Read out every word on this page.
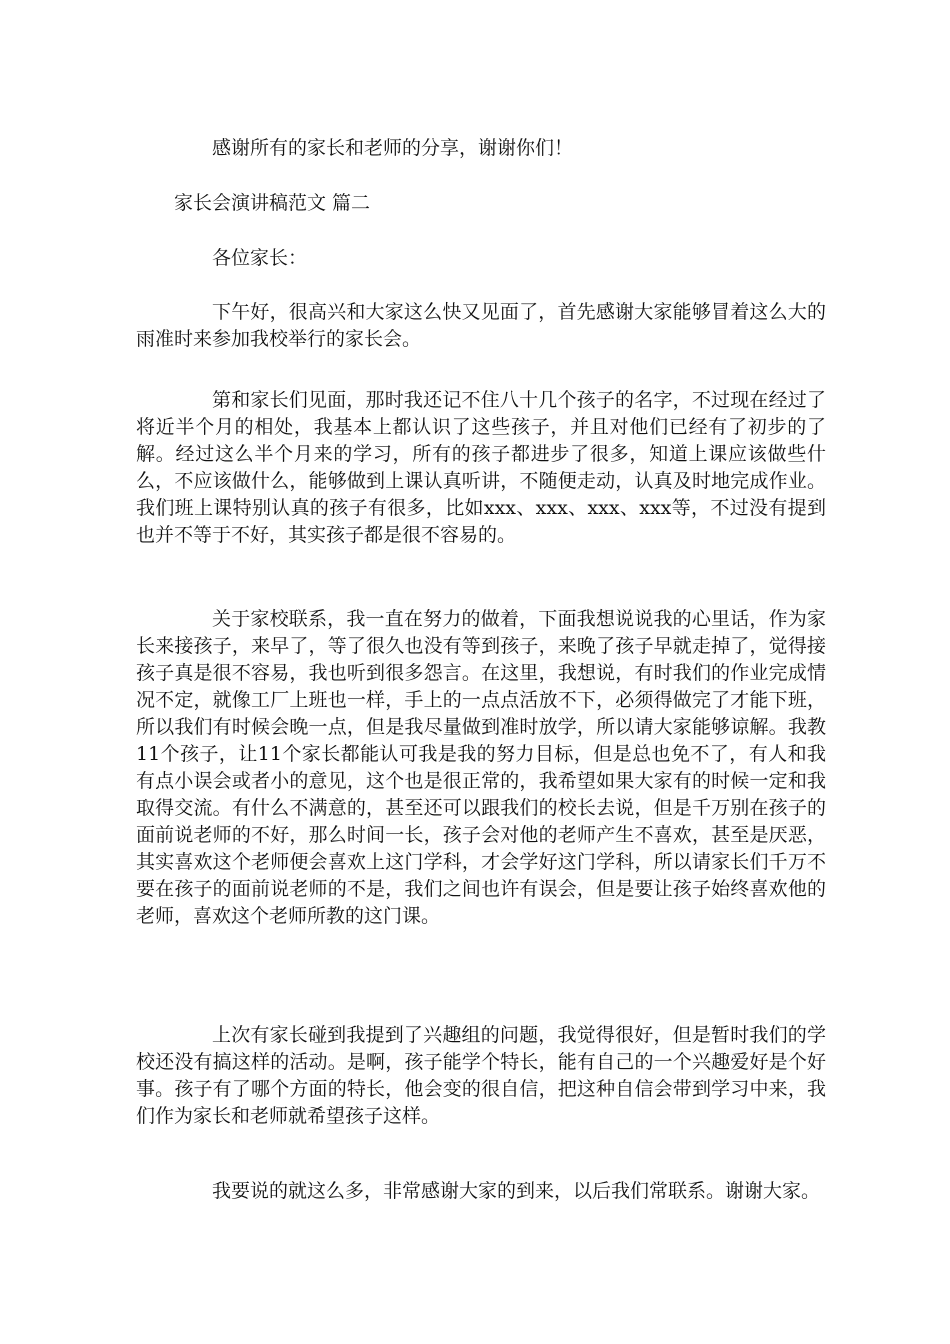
感谢所有的家长和老师的分享，谢谢你们！

家长会演讲稿范文 篇二

各位家长：

下午好，很高兴和大家这么快又见面了，首先感谢大家能够冒着这么大的雨准时来参加我校举行的家长会。

第和家长们见面，那时我还记不住八十几个孩子的名字，不过现在经过了将近半个月的相处，我基本上都认识了这些孩子，并且对他们已经有了初步的了解。经过这么半个月来的学习，所有的孩子都进步了很多，知道上课应该做些什么，不应该做什么，能够做到上课认真听讲，不随便走动，认真及时地完成作业。我们班上课特别认真的孩子有很多，比如xxx、xxx、xxx、xxx等，不过没有提到也并不等于不好，其实孩子都是很不容易的。

关于家校联系，我一直在努力的做着，下面我想说说我的心里话，作为家长来接孩子，来早了，等了很久也没有等到孩子，来晚了孩子早就走掉了，觉得接孩子真是很不容易，我也听到很多怨言。在这里，我想说，有时我们的作业完成情况不定，就像工厂上班也一样，手上的一点点活放不下，必须得做完了才能下班，所以我们有时候会晚一点，但是我尽量做到准时放学，所以请大家能够谅解。我教11个孩子，让11个家长都能认可我是我的努力目标，但是总也免不了，有人和我有点小误会或者小的意见，这个也是很正常的，我希望如果大家有的时候一定和我取得交流。有什么不满意的，甚至还可以跟我们的校长去说，但是千万别在孩子的面前说老师的不好，那么时间一长，孩子会对他的老师产生不喜欢，甚至是厌恶，其实喜欢这个老师便会喜欢上这门学科，才会学好这门学科，所以请家长们千万不要在孩子的面前说老师的不是，我们之间也许有误会，但是要让孩子始终喜欢他的老师，喜欢这个老师所教的这门课。

上次有家长碰到我提到了兴趣组的问题，我觉得很好，但是暂时我们的学校还没有搞这样的活动。是啊，孩子能学个特长，能有自己的一个兴趣爱好是个好事。孩子有了哪个方面的特长，他会变的很自信，把这种自信会带到学习中来，我们作为家长和老师就希望孩子这样。

我要说的就这么多，非常感谢大家的到来，以后我们常联系。谢谢大家。
